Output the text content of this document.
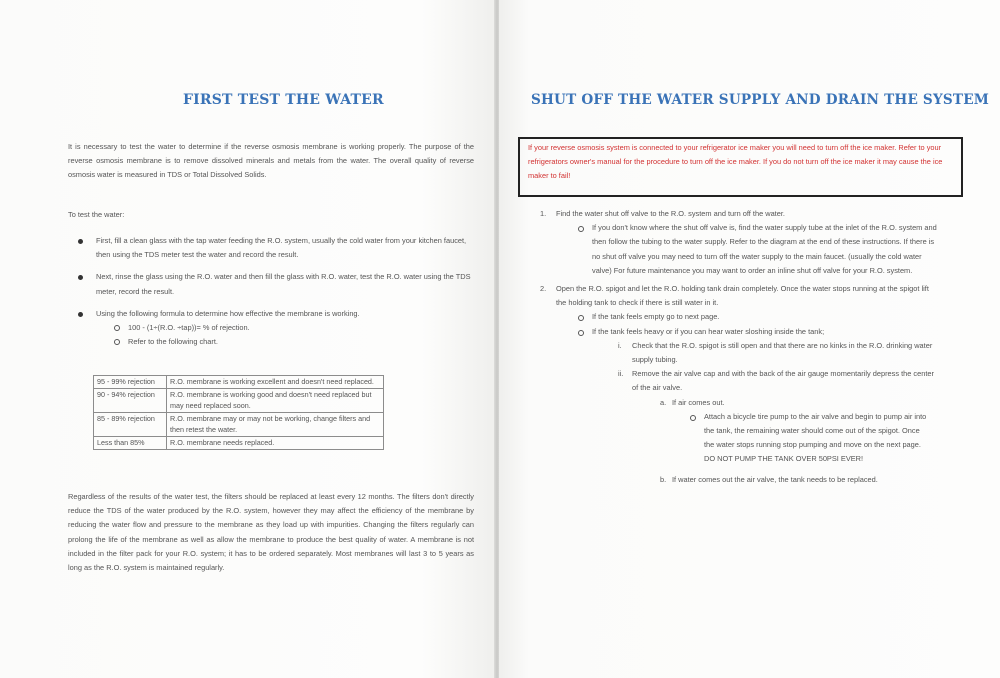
FIRST TEST THE WATER
It is necessary to test the water to determine if the reverse osmosis membrane is working properly. The purpose of the reverse osmosis membrane is to remove dissolved minerals and metals from the water. The overall quality of reverse osmosis water is measured in TDS or Total Dissolved Solids.
To test the water:
First, fill a clean glass with the tap water feeding the R.O. system, usually the cold water from your kitchen faucet, then using the TDS meter test the water and record the result.
Next, rinse the glass using the R.O. water and then fill the glass with R.O. water, test the R.O. water using the TDS meter, record the result.
Using the following formula to determine how effective the membrane is working.
100 - (1÷(R.O. ÷tap))= % of rejection.
Refer to the following chart.
95 - 99% rejection	R.O. membrane is working excellent and doesn't need replaced.
90 - 94% rejection	R.O. membrane is working good and doesn't need replaced but may need replaced soon.
85 - 89% rejection	R.O. membrane may or may not be working, change filters and then retest the water.
Less than 85%	R.O. membrane needs replaced.
Regardless of the results of the water test, the filters should be replaced at least every 12 months. The filters don't directly reduce the TDS of the water produced by the R.O. system, however they may affect the efficiency of the membrane by reducing the water flow and pressure to the membrane as they load up with impurities. Changing the filters regularly can prolong the life of the membrane as well as allow the membrane to produce the best quality of water. A membrane is not included in the filter pack for your R.O. system; it has to be ordered separately. Most membranes will last 3 to 5 years as long as the R.O. system is maintained regularly.
SHUT OFF THE WATER SUPPLY AND DRAIN THE SYSTEM
If your reverse osmosis system is connected to your refrigerator ice maker you will need to turn off the ice maker. Refer to your refrigerators owner's manual for the procedure to turn off the ice maker. If you do not turn off the ice maker it may cause the ice maker to fail!
1. Find the water shut off valve to the R.O. system and turn off the water.
If you don't know where the shut off valve is, find the water supply tube at the inlet of the R.O. system and then follow the tubing to the water supply. Refer to the diagram at the end of these instructions. If there is no shut off valve you may need to turn off the water supply to the main faucet. (usually the cold water valve) For future maintenance you may want to order an inline shut off valve for your R.O. system.
2. Open the R.O. spigot and let the R.O. holding tank drain completely. Once the water stops running at the spigot lift the holding tank to check if there is still water in it.
If the tank feels empty go to next page.
If the tank feels heavy or if you can hear water sloshing inside the tank;
i. Check that the R.O. spigot is still open and that there are no kinks in the R.O. drinking water supply tubing.
ii. Remove the air valve cap and with the back of the air gauge momentarily depress the center of the air valve.
a. If air comes out.
Attach a bicycle tire pump to the air valve and begin to pump air into the tank, the remaining water should come out of the spigot. Once the water stops running stop pumping and move on the next page. DO NOT PUMP THE TANK OVER 50PSI EVER!
b. If water comes out the air valve, the tank needs to be replaced.
